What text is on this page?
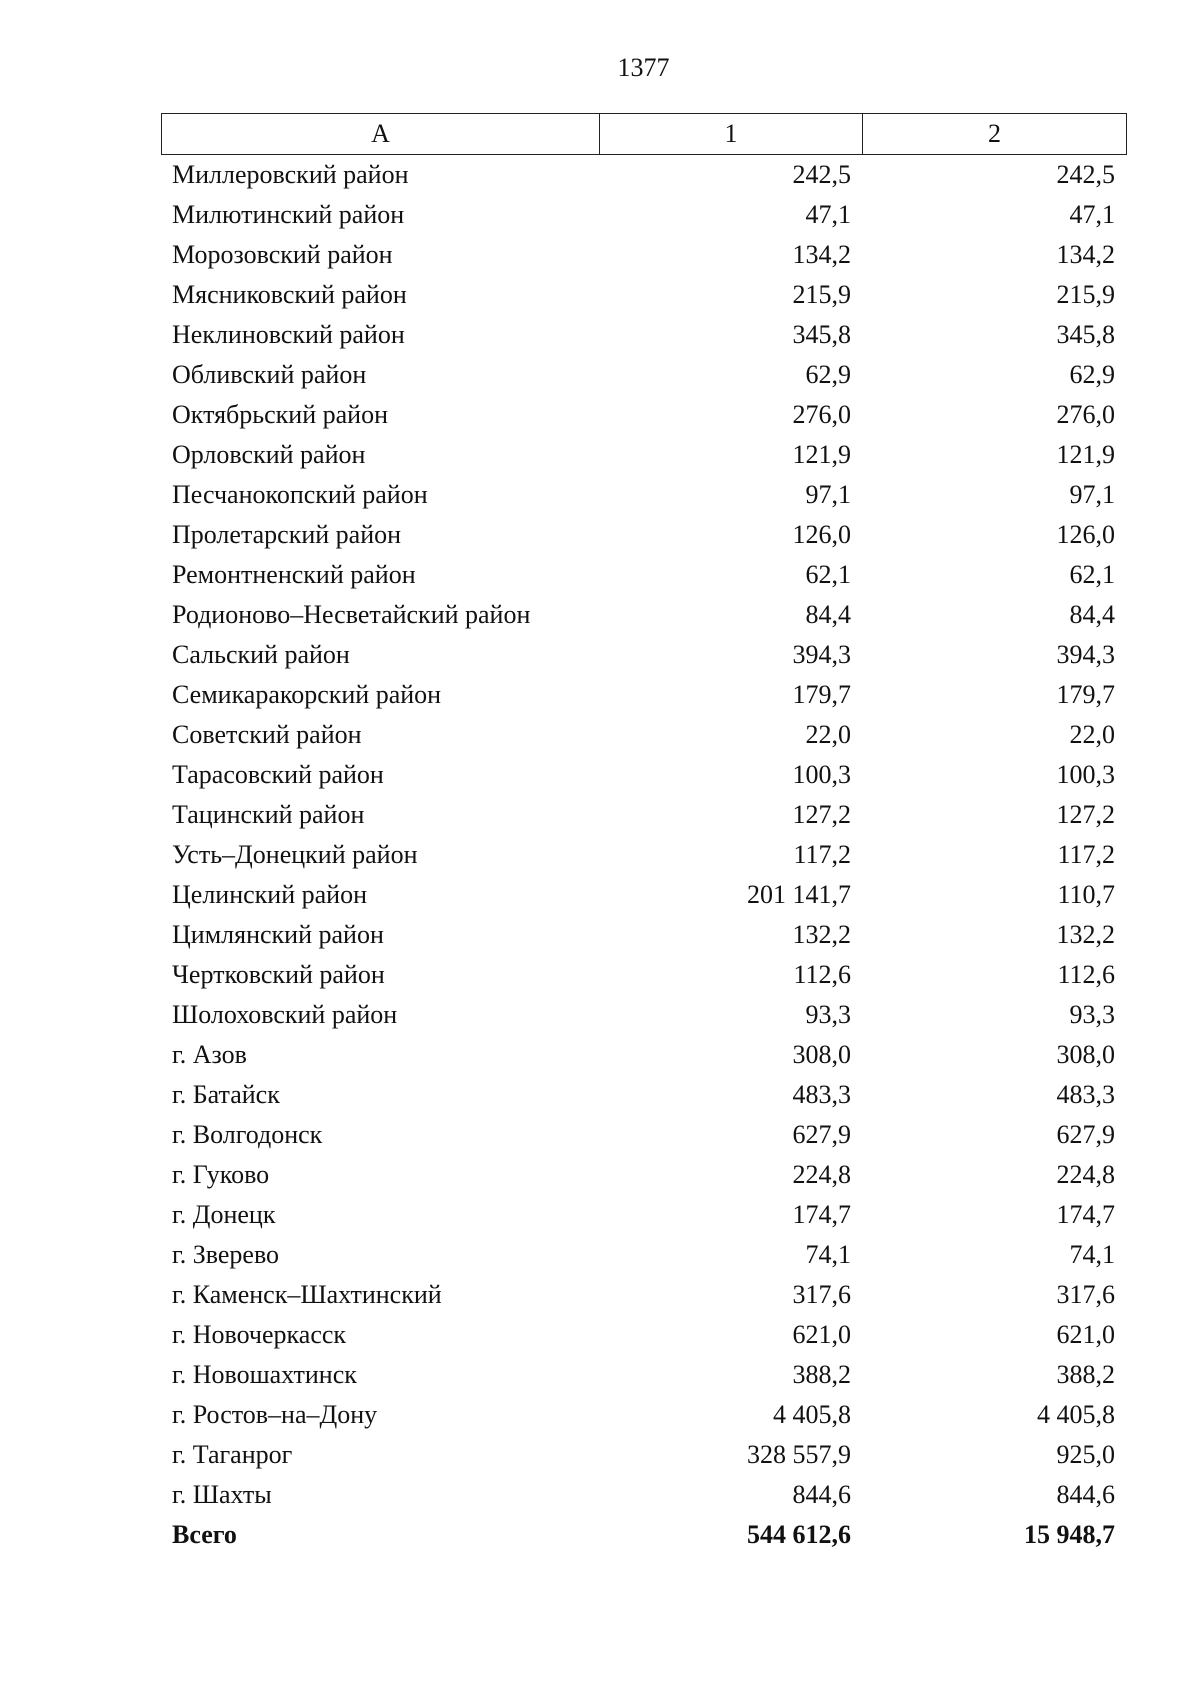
1377
А	1	2
Миллеровский район	242,5	242,5
Милютинский район	47,1	47,1
Морозовский район	134,2	134,2
Мясниковский район	215,9	215,9
Неклиновский район	345,8	345,8
Обливский район	62,9	62,9
Октябрьский район	276,0	276,0
Орловский район	121,9	121,9
Песчанокопский район	97,1	97,1
Пролетарский район	126,0	126,0
Ремонтненский район	62,1	62,1
Родионово–Несветайский район	84,4	84,4
Сальский район	394,3	394,3
Семикаракорский район	179,7	179,7
Советский район	22,0	22,0
Тарасовский район	100,3	100,3
Тацинский район	127,2	127,2
Усть–Донецкий район	117,2	117,2
Целинский район	201 141,7	110,7
Цимлянский район	132,2	132,2
Чертковский район	112,6	112,6
Шолоховский район	93,3	93,3
г. Азов	308,0	308,0
г. Батайск	483,3	483,3
г. Волгодонск	627,9	627,9
г. Гуково	224,8	224,8
г. Донецк	174,7	174,7
г. Зверево	74,1	74,1
г. Каменск–Шахтинский	317,6	317,6
г. Новочеркасск	621,0	621,0
г. Новошахтинск	388,2	388,2
г. Ростов–на–Дону	4 405,8	4 405,8
г. Таганрог	328 557,9	925,0
г. Шахты	844,6	844,6
Всего	544 612,6	15 948,7
